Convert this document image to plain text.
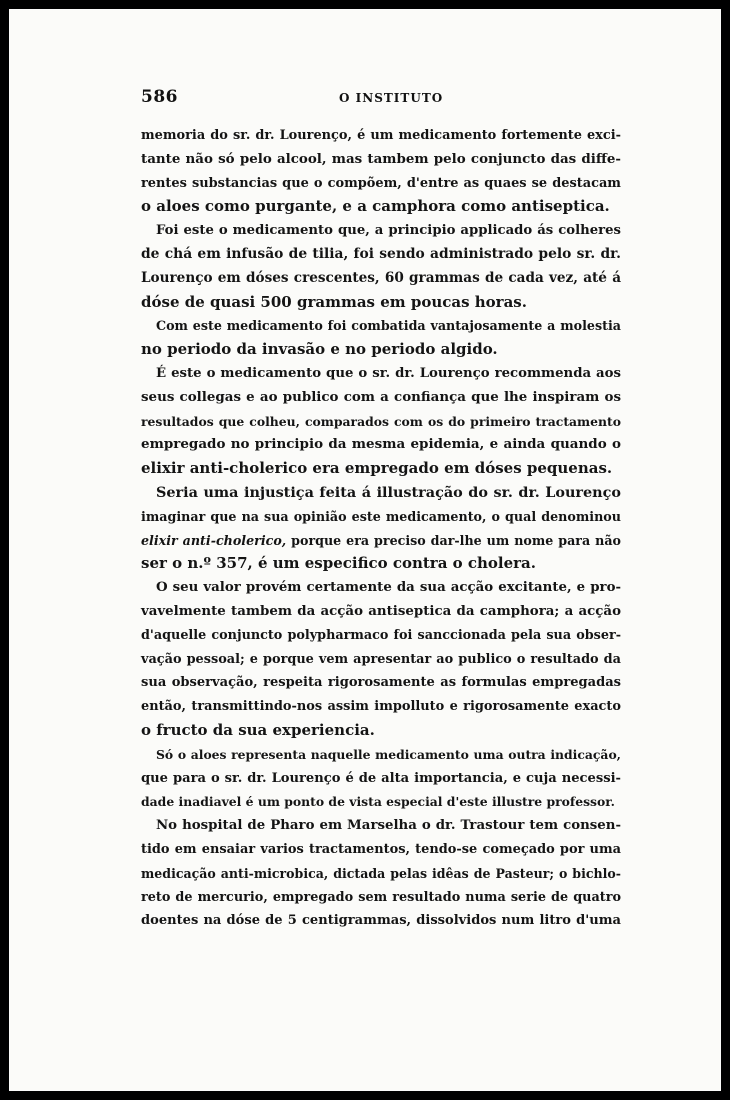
586	O INSTITUTO
memoria do sr. dr. Lourenço, é um medicamento fortemente exci-
tante não só pelo alcool, mas tambem pelo conjuncto das diffe-
rentes substancias que o compõem, d'entre as quaes se destacam
o aloes como purgante, e a camphora como antiseptica.
Foi este o medicamento que, a principio applicado ás colheres
de chá em infusão de tilia, foi sendo administrado pelo sr. dr.
Lourenço em dóses crescentes, 60 grammas de cada vez, até á
dóse de quasi 500 grammas em poucas horas.
Com este medicamento foi combatida vantajosamente a molestia
no periodo da invasão e no periodo algido.
É este o medicamento que o sr. dr. Lourenço recommenda aos
seus collegas e ao publico com a confiança que lhe inspiram os
resultados que colheu, comparados com os do primeiro tractamento
empregado no principio da mesma epidemia, e ainda quando o
elixir anti-cholerico era empregado em dóses pequenas.
Seria uma injustiça feita á illustração do sr. dr. Lourenço
imaginar que na sua opinião este medicamento, o qual denominou
elixir anti-cholerico, porque era preciso dar-lhe um nome para não
ser o n.º 357, é um especifico contra o cholera.
O seu valor provém certamente da sua acção excitante, e pro-
vavelmente tambem da acção antiseptica da camphora; a acção
d'aquelle conjuncto polypharmaco foi sanccionada pela sua obser-
vação pessoal; e porque vem apresentar ao publico o resultado da
sua observação, respeita rigorosamente as formulas empregadas
então, transmittindo-nos assim impolluto e rigorosamente exacto
o fructo da sua experiencia.
Só o aloes representa naquelle medicamento uma outra indicação,
que para o sr. dr. Lourenço é de alta importancia, e cuja necessi-
dade inadiavel é um ponto de vista especial d'este illustre professor.
No hospital de Pharo em Marselha o dr. Trastour tem consen-
tido em ensaiar varios tractamentos, tendo-se começado por uma
medicação anti-microbica, dictada pelas idêas de Pasteur; o bichlo-
reto de mercurio, empregado sem resultado numa serie de quatro
doentes na dóse de 5 centigrammas, dissolvidos num litro d'uma
